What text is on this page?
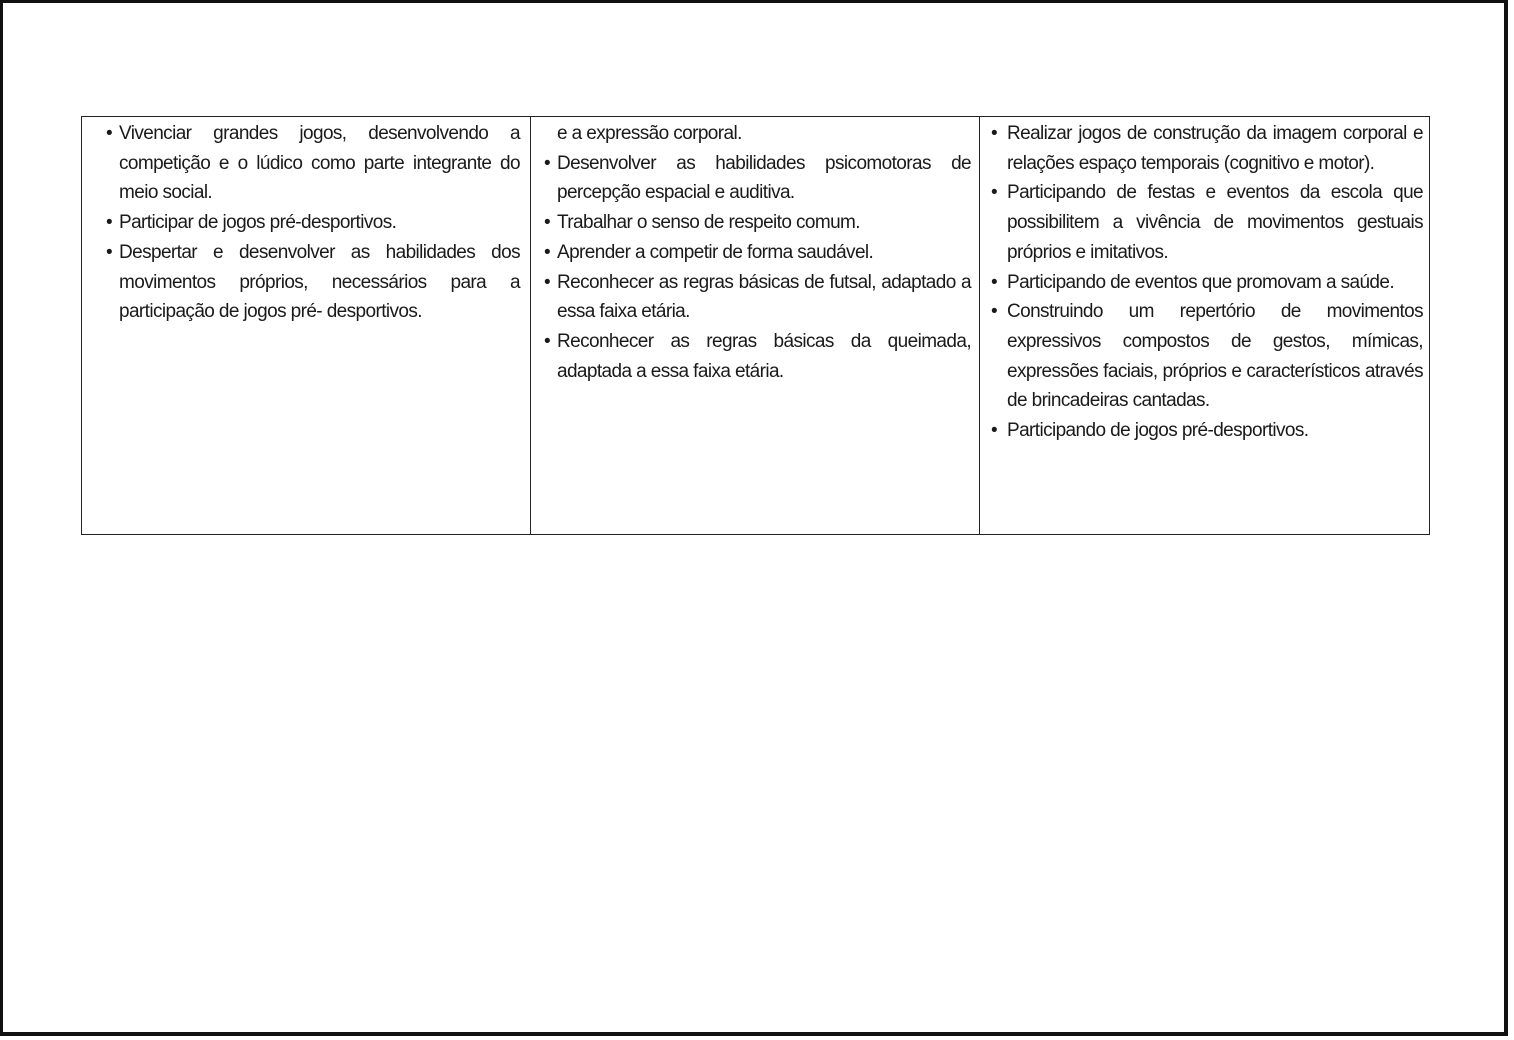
• Vivenciar grandes jogos, desenvolvendo a competição e o lúdico como parte integrante do meio social.
• Participar de jogos pré-desportivos.
• Despertar e desenvolver as habilidades dos movimentos próprios, necessários para a participação de jogos pré- desportivos.

e a expressão corporal.
• Desenvolver as habilidades psicomotoras de percepção espacial e auditiva.
• Trabalhar o senso de respeito comum.
• Aprender a competir de forma saudável.
• Reconhecer as regras básicas de futsal, adaptado a essa faixa etária.
• Reconhecer as regras básicas da queimada, adaptada a essa faixa etária.

• Realizar jogos de construção da imagem corporal e relações espaço temporais (cognitivo e motor).
• Participando de festas e eventos da escola que possibilitem a vivência de movimentos gestuais próprios e imitativos.
• Participando de eventos que promovam a saúde.
• Construindo um repertório de movimentos expressivos compostos de gestos, mímicas, expressões faciais, próprios e característicos através de brincadeiras cantadas.
• Participando de jogos pré-desportivos.
